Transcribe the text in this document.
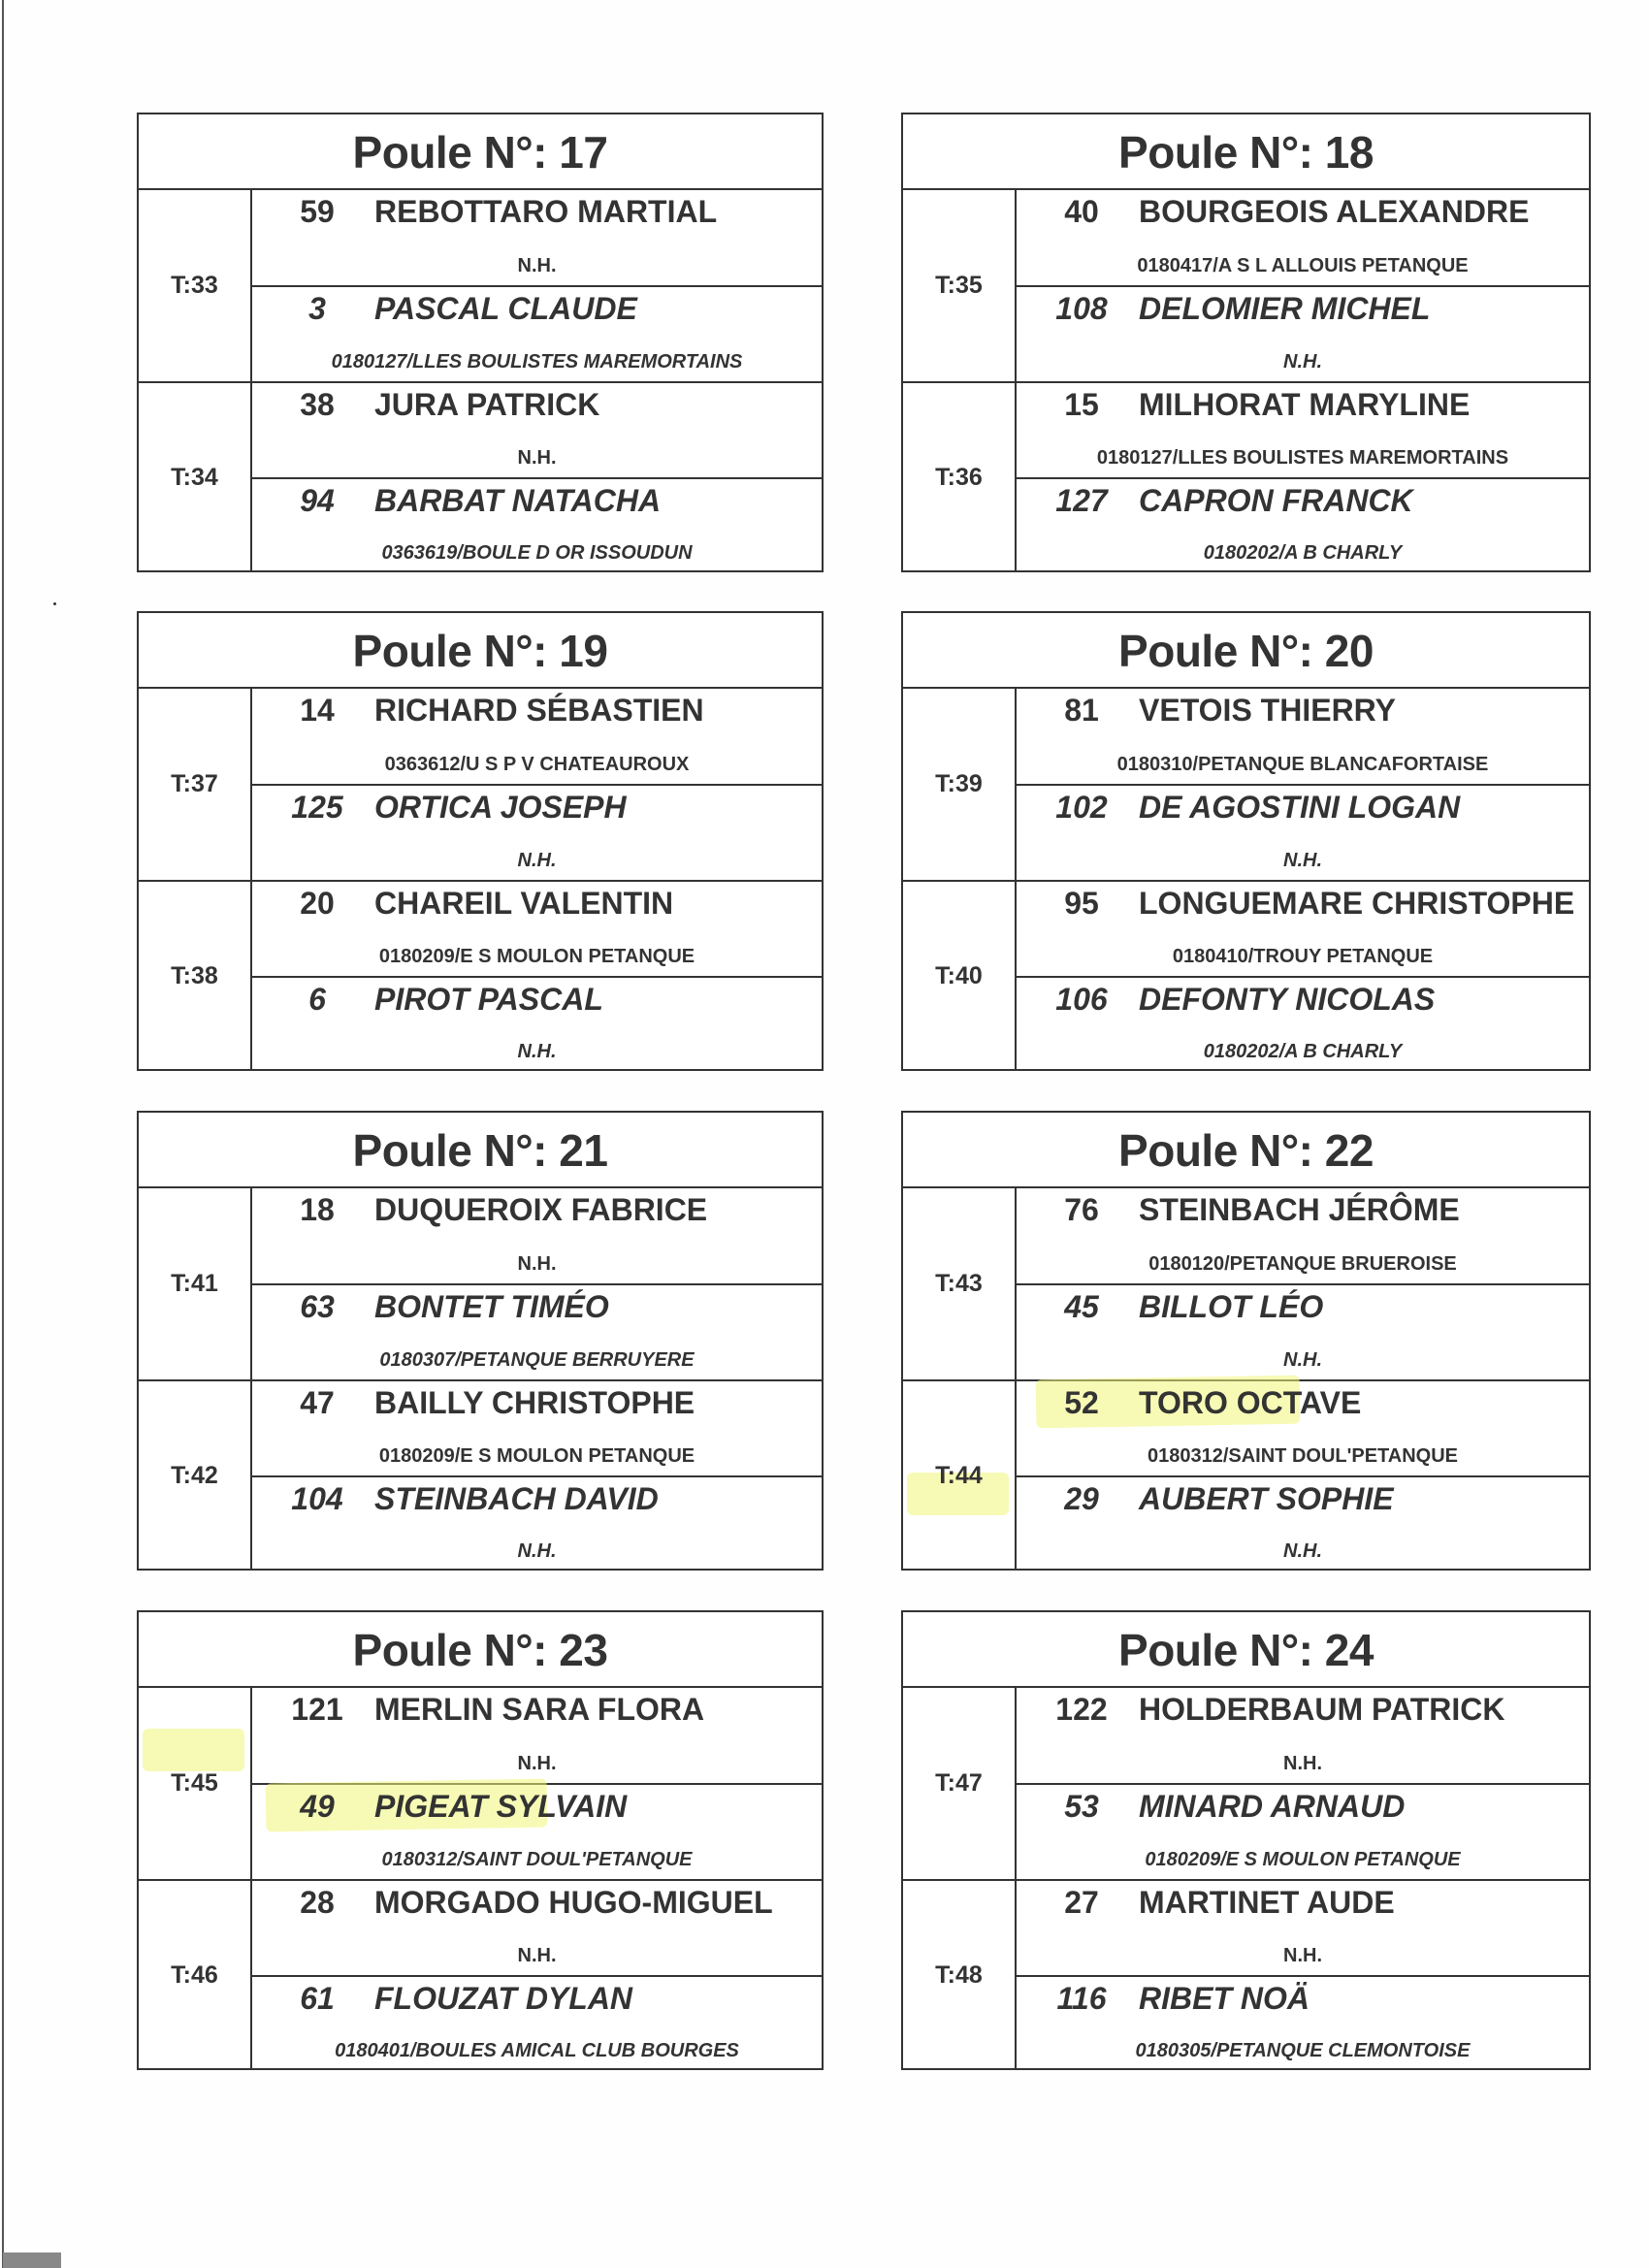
Poule N°: 17
T:33
59	REBOTTARO MARTIAL
N.H.
3	PASCAL CLAUDE
0180127/LLES BOULISTES MAREMORTAINS
T:34
38	JURA PATRICK
N.H.
94	BARBAT NATACHA
0363619/BOULE D OR ISSOUDUN
Poule N°: 18
T:35
40	BOURGEOIS ALEXANDRE
0180417/A S L ALLOUIS PETANQUE
108	DELOMIER MICHEL
N.H.
T:36
15	MILHORAT MARYLINE
0180127/LLES BOULISTES MAREMORTAINS
127	CAPRON FRANCK
0180202/A B CHARLY
Poule N°: 19
T:37
14	RICHARD SÉBASTIEN
0363612/U S P V CHATEAUROUX
125	ORTICA JOSEPH
N.H.
T:38
20	CHAREIL VALENTIN
0180209/E S MOULON PETANQUE
6	PIROT PASCAL
N.H.
Poule N°: 20
T:39
81	VETOIS THIERRY
0180310/PETANQUE BLANCAFORTAISE
102	DE AGOSTINI LOGAN
N.H.
T:40
95	LONGUEMARE CHRISTOPHE
0180410/TROUY PETANQUE
106	DEFONTY NICOLAS
0180202/A B CHARLY
Poule N°: 21
T:41
18	DUQUEROIX FABRICE
N.H.
63	BONTET TIMÉO
0180307/PETANQUE BERRUYERE
T:42
47	BAILLY CHRISTOPHE
0180209/E S MOULON PETANQUE
104	STEINBACH DAVID
N.H.
Poule N°: 22
T:43
76	STEINBACH JÉRÔME
0180120/PETANQUE BRUEROISE
45	BILLOT LÉO
N.H.
T:44
52	TORO OCTAVE
0180312/SAINT DOUL'PETANQUE
29	AUBERT SOPHIE
N.H.
Poule N°: 23
T:45
121	MERLIN SARA FLORA
N.H.
49	PIGEAT SYLVAIN
0180312/SAINT DOUL'PETANQUE
T:46
28	MORGADO HUGO-MIGUEL
N.H.
61	FLOUZAT DYLAN
0180401/BOULES AMICAL CLUB BOURGES
Poule N°: 24
T:47
122	HOLDERBAUM PATRICK
N.H.
53	MINARD ARNAUD
0180209/E S MOULON PETANQUE
T:48
27	MARTINET AUDE
N.H.
116	RIBET NOÄ
0180305/PETANQUE CLEMONTOISE
